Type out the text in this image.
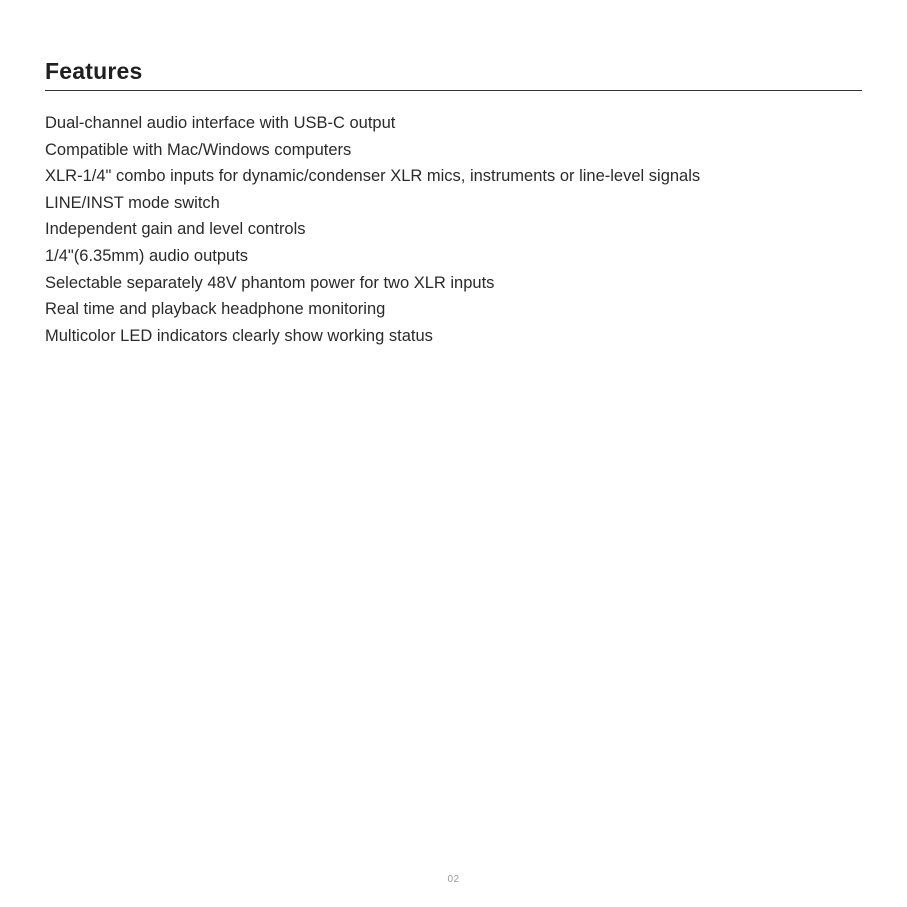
Features
Dual-channel audio interface with USB-C output
Compatible with Mac/Windows computers
XLR-1/4" combo inputs for dynamic/condenser XLR mics, instruments or line-level signals
LINE/INST mode switch
Independent gain and level controls
1/4"(6.35mm) audio outputs
Selectable separately 48V phantom power for two XLR inputs
Real time and playback headphone monitoring
Multicolor LED indicators clearly show working status
02
